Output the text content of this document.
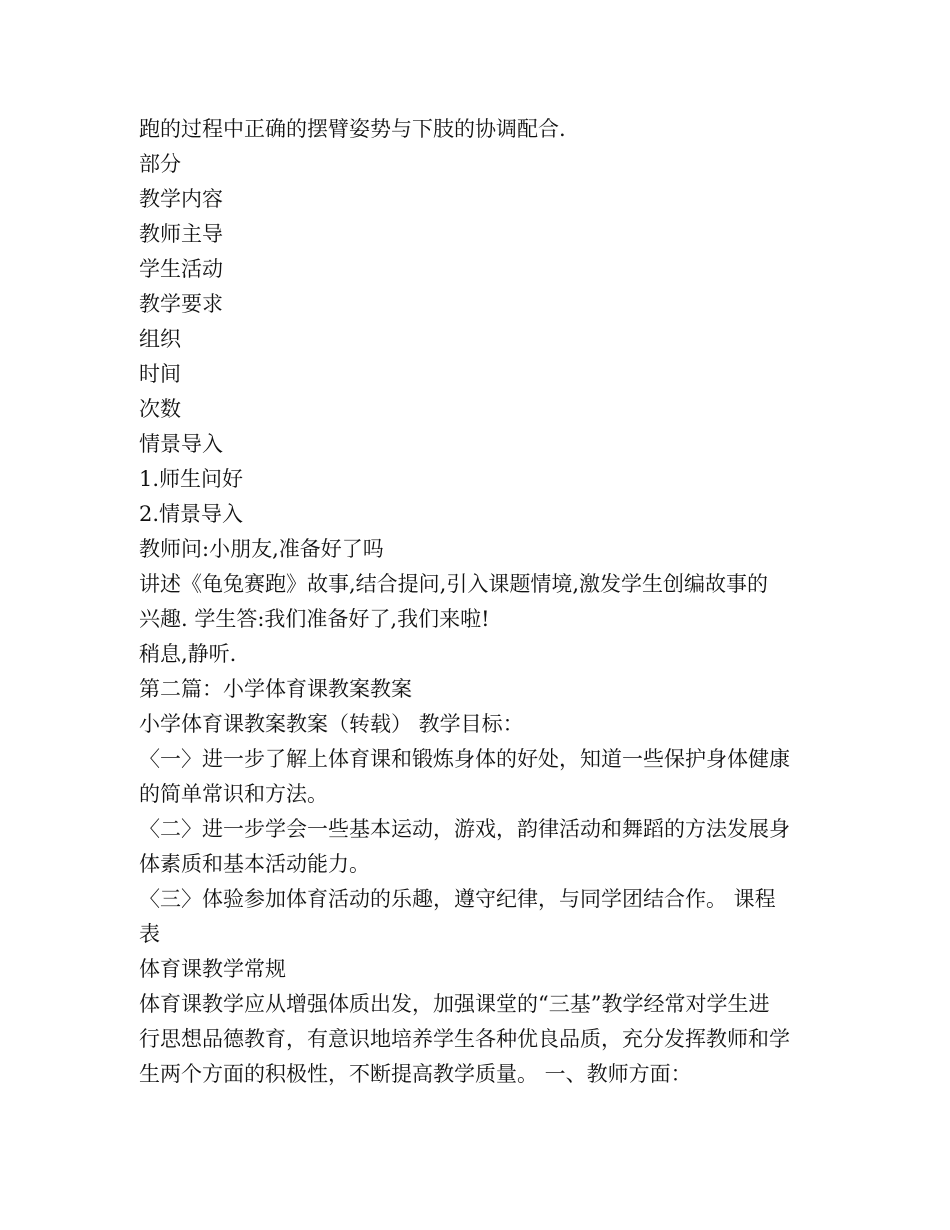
跑的过程中正确的摆臂姿势与下肢的协调配合.
部分
教学内容
教师主导
学生活动
教学要求
组织
时间
次数
情景导入
1.师生问好
2.情景导入
教师问:小朋友,准备好了吗
讲述《龟兔赛跑》故事,结合提问,引入课题情境,激发学生创编故事的
兴趣. 学生答:我们准备好了,我们来啦!
稍息,静听.
第二篇：小学体育课教案教案
小学体育课教案教案（转载） 教学目标：
〈一〉进一步了解上体育课和锻炼身体的好处，知道一些保护身体健康
的简单常识和方法。
〈二〉进一步学会一些基本运动，游戏，韵律活动和舞蹈的方法发展身
体素质和基本活动能力。
〈三〉体验参加体育活动的乐趣，遵守纪律，与同学团结合作。 课程
表
体育课教学常规
体育课教学应从增强体质出发，加强课堂的“三基”教学经常对学生进
行思想品德教育，有意识地培养学生各种优良品质，充分发挥教师和学
生两个方面的积极性，不断提高教学质量。 一、教师方面：
